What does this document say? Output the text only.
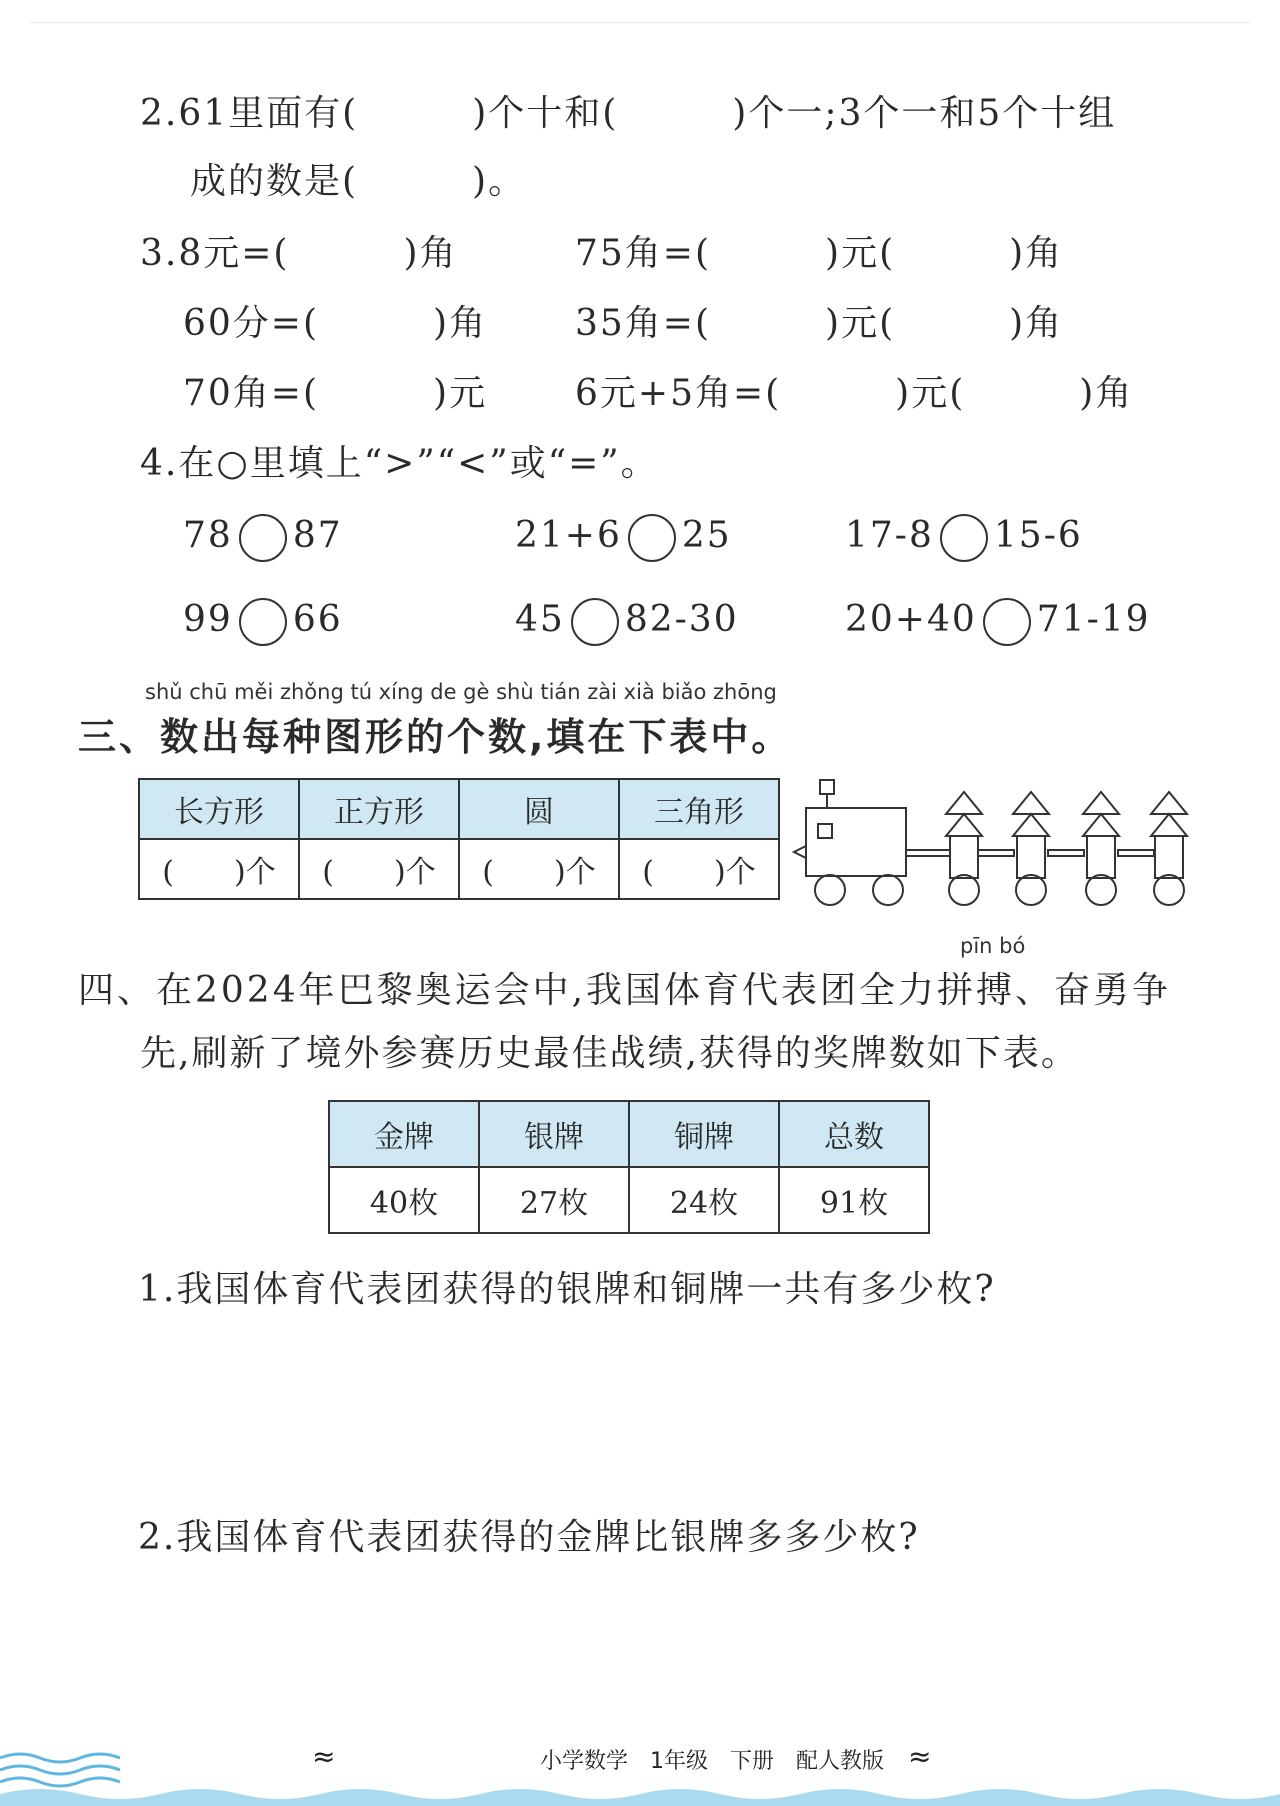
2.61里面有(　　　)个十和(　　　)个一;3个一和5个十组
成的数是(　　　)。
3.8元=(　　　)角	75角=(　　　)元(　　　)角
60分=(　　　)角 35角=(　　　)元(　　　)角
70角=(　　　)元 6元+5角=(　　　)元(　　　)角
4.在○里填上“>”“<”或“=”。
78 87	21+6 25	17-8 15-6
99 66	45 82-30	20+40 71-19
shǔ chū měi zhǒng tú xíng de gè shù tián zài xià biǎo zhōng
三、数出每种图形的个数,填在下表中。
长方形	正方形	圆	三角形
(　　)个	(　　)个	(　　)个	(　　)个
pīn bó
四、在2024年巴黎奥运会中,我国体育代表团全力拼搏、奋勇争
先,刷新了境外参赛历史最佳战绩,获得的奖牌数如下表。
金牌	银牌	铜牌	总数
40枚	27枚	24枚	91枚
1.我国体育代表团获得的银牌和铜牌一共有多少枚?
2.我国体育代表团获得的金牌比银牌多多少枚?
≈	小学数学　1年级　下册　配人教版 ≈
